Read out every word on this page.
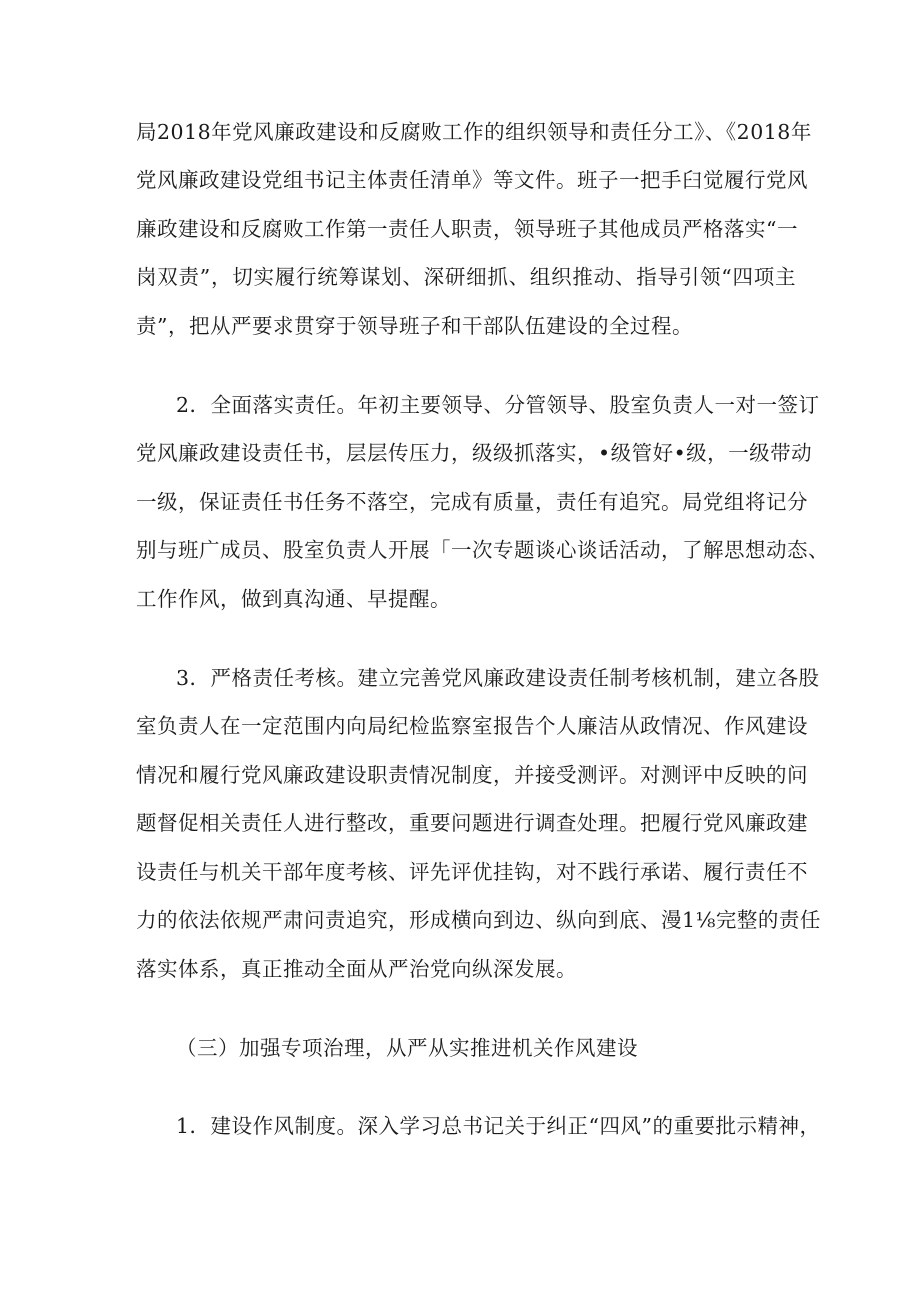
局2018年党风廉政建设和反腐败工作的组织领导和责任分工》、《2018年
党风廉政建设党组书记主体责任清单》等文件。班子一把手臼觉履行党风
廉政建设和反腐败工作第一责任人职责，领导班子其他成员严格落实“一
岗双责”，切实履行统筹谋划、深研细抓、组织推动、指导引领“四项主
责”，把从严要求贯穿于领导班子和干部队伍建设的全过程。
2．全面落实责任。年初主要领导、分管领导、股室负责人一对一签订
党风廉政建设责任书，层层传压力，级级抓落实，•级管好•级，一级带动
一级，保证责任书任务不落空，完成有质量，责任有追究。局党组将记分
别与班广成员、股室负责人开展「一次专题谈心谈话活动，了解思想动态、
工作作风，做到真沟通、早提醒。
3．严格责任考核。建立完善党风廉政建设责任制考核机制，建立各股
室负责人在一定范围内向局纪检监察室报告个人廉洁从政情况、作风建设
情况和履行党风廉政建设职责情况制度，并接受测评。对测评中反映的问
题督促相关责任人进行整改，重要问题进行调查处理。把履行党风廉政建
设责任与机关干部年度考核、评先评优挂钩，对不践行承诺、履行责任不
力的依法依规严肃问责追究，形成横向到边、纵向到底、漫1⅛完整的责任
落实体系，真正推动全面从严治党向纵深发展。
（三）加强专项治理，从严从实推进机关作风建设
1．建设作风制度。深入学习总书记关于纠正“四风”的重要批示精神，
